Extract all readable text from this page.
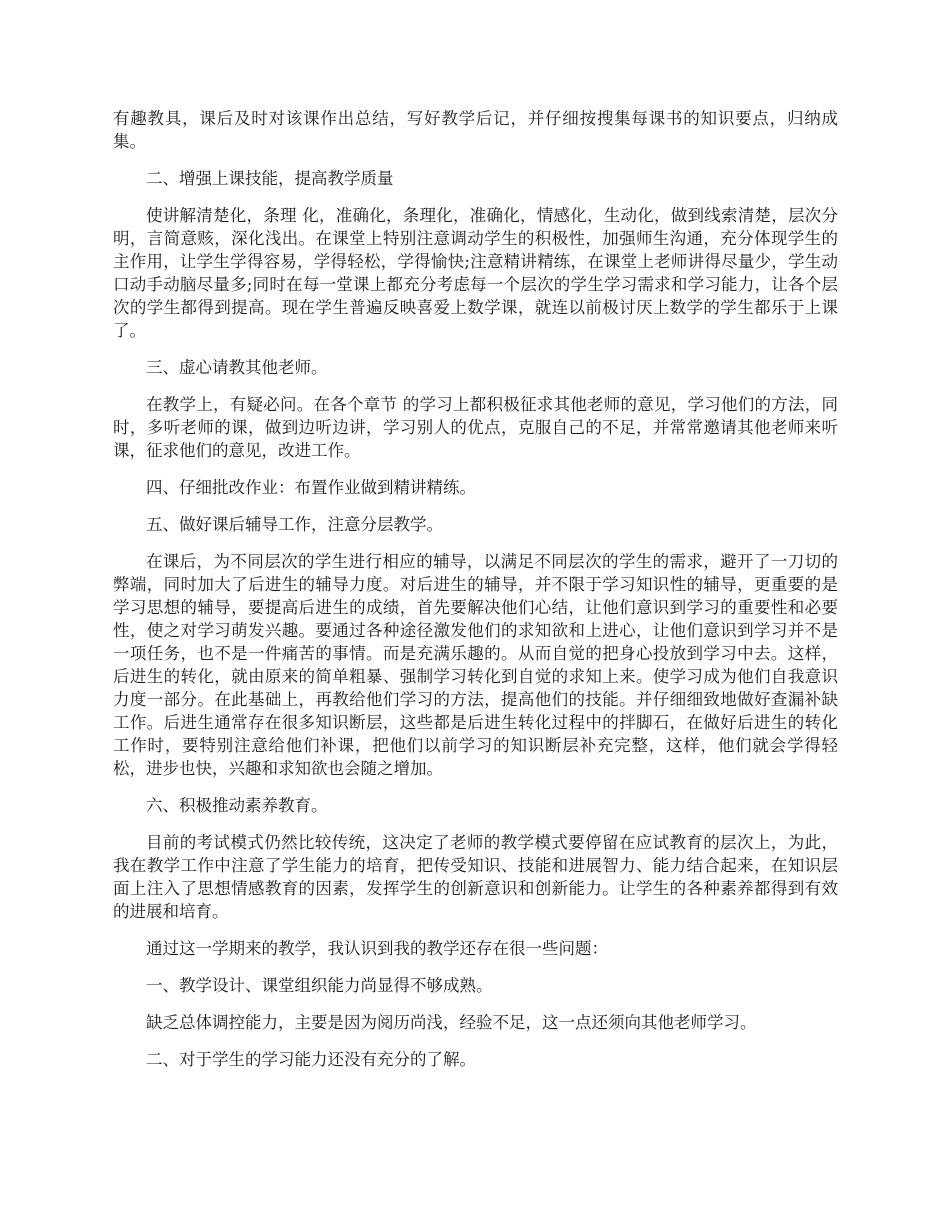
有趣教具，课后及时对该课作出总结，写好教学后记，并仔细按搜集每课书的知识要点，归纳成集。

二、增强上课技能，提高教学质量

使讲解清楚化，条理 化，准确化，条理化，准确化，情感化，生动化，做到线索清楚，层次分明，言简意赅，深化浅出。在课堂上特别注意调动学生的积极性，加强师生沟通，充分体现学生的主作用，让学生学得容易，学得轻松，学得愉快;注意精讲精练，在课堂上老师讲得尽量少，学生动口动手动脑尽量多;同时在每一堂课上都充分考虑每一个层次的学生学习需求和学习能力，让各个层次的学生都得到提高。现在学生普遍反映喜爱上数学课，就连以前极讨厌上数学的学生都乐于上课了。

三、虚心请教其他老师。

在教学上，有疑必问。在各个章节 的学习上都积极征求其他老师的意见，学习他们的方法，同时，多听老师的课，做到边听边讲，学习别人的优点，克服自己的不足，并常常邀请其他老师来听课，征求他们的意见，改进工作。

四、仔细批改作业：布置作业做到精讲精练。

五、做好课后辅导工作，注意分层教学。

在课后，为不同层次的学生进行相应的辅导，以满足不同层次的学生的需求，避开了一刀切的弊端，同时加大了后进生的辅导力度。对后进生的辅导，并不限于学习知识性的辅导，更重要的是学习思想的辅导，要提高后进生的成绩，首先要解决他们心结，让他们意识到学习的重要性和必要性，使之对学习萌发兴趣。要通过各种途径激发他们的求知欲和上进心，让他们意识到学习并不是一项任务，也不是一件痛苦的事情。而是充满乐趣的。从而自觉的把身心投放到学习中去。这样，后进生的转化，就由原来的简单粗暴、强制学习转化到自觉的求知上来。使学习成为他们自我意识力度一部分。在此基础上，再教给他们学习的方法，提高他们的技能。并仔细细致地做好查漏补缺工作。后进生通常存在很多知识断层，这些都是后进生转化过程中的拌脚石，在做好后进生的转化工作时，要特别注意给他们补课，把他们以前学习的知识断层补充完整，这样，他们就会学得轻松，进步也快，兴趣和求知欲也会随之增加。

六、积极推动素养教育。

目前的考试模式仍然比较传统，这决定了老师的教学模式要停留在应试教育的层次上，为此，我在教学工作中注意了学生能力的培育，把传受知识、技能和进展智力、能力结合起来，在知识层面上注入了思想情感教育的因素，发挥学生的创新意识和创新能力。让学生的各种素养都得到有效的进展和培育。

通过这一学期来的教学，我认识到我的教学还存在很一些问题：

一、教学设计、课堂组织能力尚显得不够成熟。

缺乏总体调控能力，主要是因为阅历尚浅，经验不足，这一点还须向其他老师学习。

二、对于学生的学习能力还没有充分的了解。
